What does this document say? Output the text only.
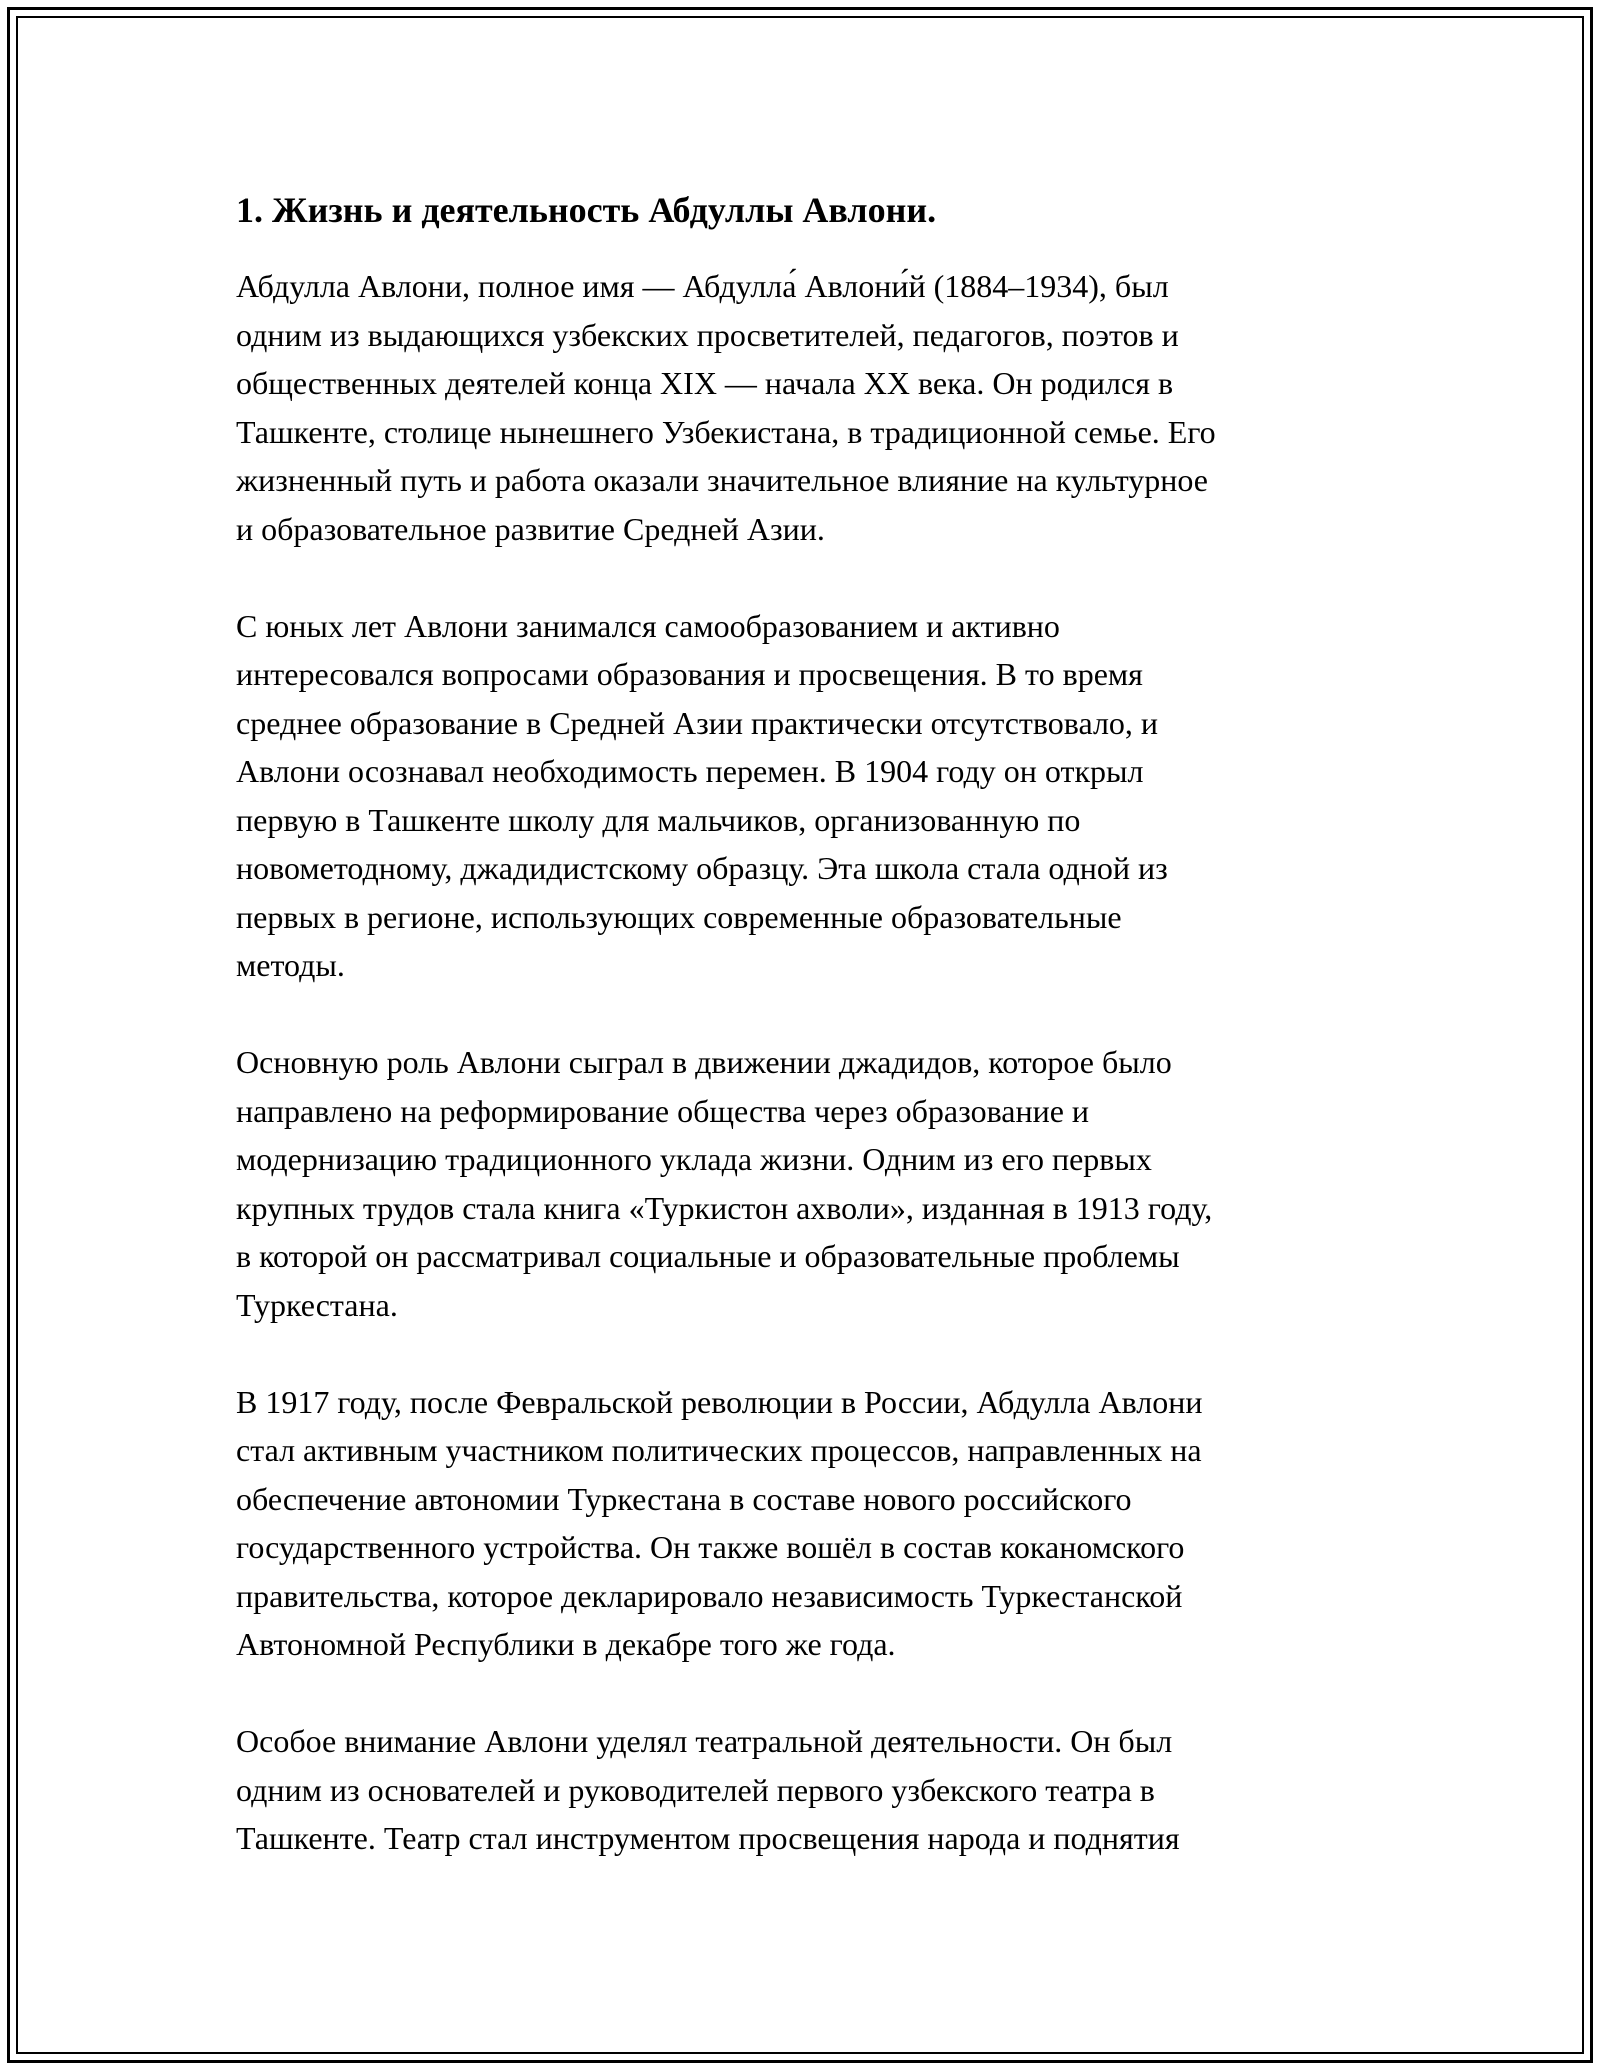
1. Жизнь и деятельность Абдуллы Авлони.

Абдулла Авлони, полное имя — Абдулла́ Авлони́й (1884–1934), был
одним из выдающихся узбекских просветителей, педагогов, поэтов и
общественных деятелей конца XIX — начала XX века. Он родился в
Ташкенте, столице нынешнего Узбекистана, в традиционной семье. Его
жизненный путь и работа оказали значительное влияние на культурное
и образовательное развитие Средней Азии.

С юных лет Авлони занимался самообразованием и активно
интересовался вопросами образования и просвещения. В то время
среднее образование в Средней Азии практически отсутствовало, и
Авлони осознавал необходимость перемен. В 1904 году он открыл
первую в Ташкенте школу для мальчиков, организованную по
новометодному, джадидистскому образцу. Эта школа стала одной из
первых в регионе, использующих современные образовательные
методы.

Основную роль Авлони сыграл в движении джадидов, которое было
направлено на реформирование общества через образование и
модернизацию традиционного уклада жизни. Одним из его первых
крупных трудов стала книга «Туркистон ахволи», изданная в 1913 году,
в которой он рассматривал социальные и образовательные проблемы
Туркестана.

В 1917 году, после Февральской революции в России, Абдулла Авлони
стал активным участником политических процессов, направленных на
обеспечение автономии Туркестана в составе нового российского
государственного устройства. Он также вошёл в состав коканомского
правительства, которое декларировало независимость Туркестанской
Автономной Республики в декабре того же года.

Особое внимание Авлони уделял театральной деятельности. Он был
одним из основателей и руководителей первого узбекского театра в
Ташкенте. Театр стал инструментом просвещения народа и поднятия
